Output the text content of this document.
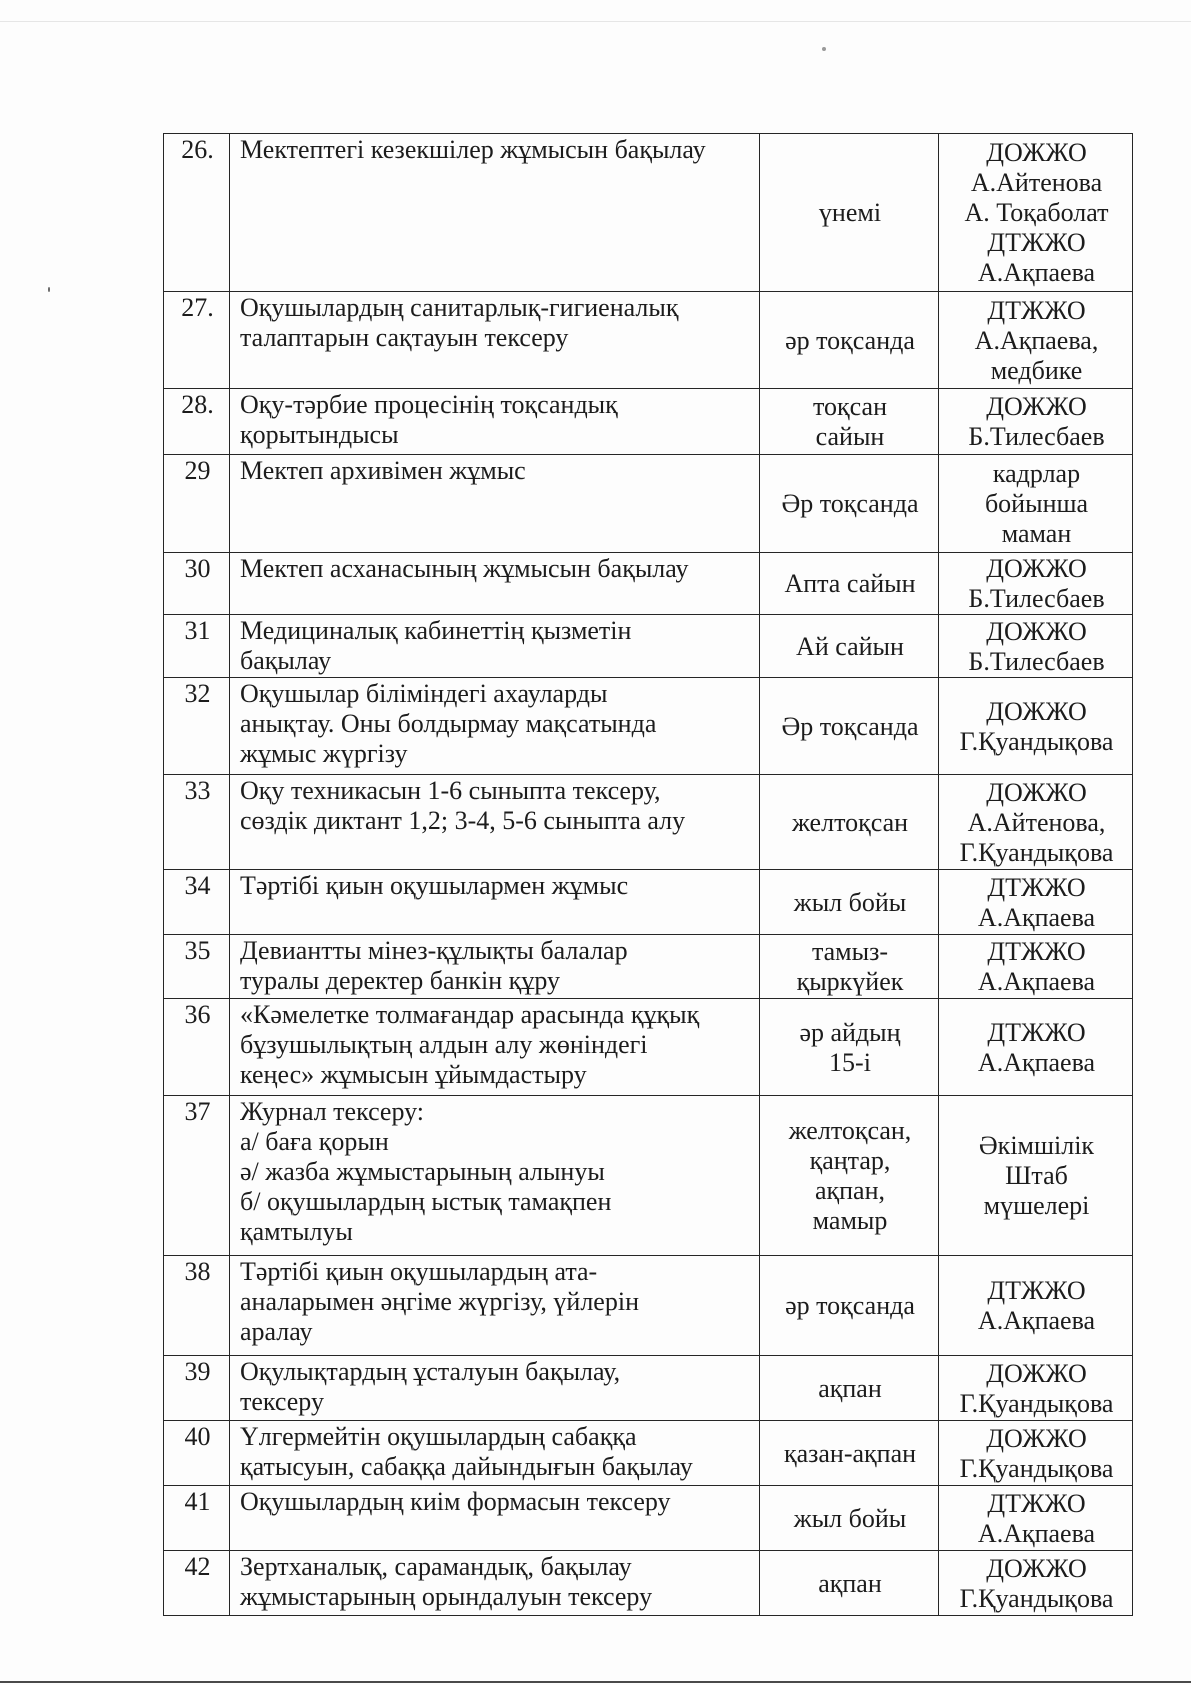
26.	Мектептегі кезекшілер жұмысын бақылау	үнемі	ДОЖЖО
А.Айтенова
А. Тоқаболат
ДТЖЖО
А.Ақпаева

27.	Оқушылардың санитарлық-гигиеналық
талаптарын сақтауын тексеру	әр тоқсанда	ДТЖЖО
А.Ақпаева,
медбике

28.	Оқу-тәрбие процесінің тоқсандық
қорытындысы	тоқсан
сайын	ДОЖЖО
Б.Тилесбаев

29	Мектеп архивімен жұмыс	Әр тоқсанда	кадрлар
бойынша
маман

30	Мектеп асханасының жұмысын бақылау	Апта сайын	ДОЖЖО
Б.Тилесбаев

31	Медициналық кабинеттің қызметін
бақылау	Ай сайын	ДОЖЖО
Б.Тилесбаев

32	Оқушылар біліміндегі ахауларды
анықтау. Оны болдырмау мақсатында
жұмыс жүргізу	Әр тоқсанда	ДОЖЖО
Г.Қуандықова

33	Оқу техникасын 1-6 сыныпта тексеру,
сөздік диктант 1,2; 3-4, 5-6 сыныпта алу	желтоқсан	ДОЖЖО
А.Айтенова,
Г.Қуандықова

34	Тәртібі қиын оқушылармен жұмыс	жыл бойы	ДТЖЖО
А.Ақпаева

35	Девиантты мінез-құлықты балалар
туралы деректер банкін құру	тамыз-
қыркүйек	ДТЖЖО
А.Ақпаева

36	«Кәмелетке толмағандар арасында құқық
бұзушылықтың алдын алу жөніндегі
кеңес» жұмысын ұйымдастыру	әр айдың
15-і	ДТЖЖО
А.Ақпаева

37	Журнал тексеру:
а/ баға қорын
ә/ жазба жұмыстарының алынуы
б/ оқушылардың ыстық тамақпен
қамтылуы	желтоқсан,
қаңтар,
ақпан,
мамыр	Әкімшілік
Штаб
мүшелері

38	Тәртібі қиын оқушылардың ата-
аналарымен әңгіме жүргізу, үйлерін
аралау	әр тоқсанда	ДТЖЖО
А.Ақпаева

39	Оқулықтардың ұсталуын бақылау,
тексеру	ақпан	ДОЖЖО
Г.Қуандықова

40	Үлгермейтін оқушылардың сабаққа
қатысуын, сабаққа дайындығын бақылау	қазан-ақпан	ДОЖЖО
Г.Қуандықова

41	Оқушылардың киім формасын тексеру	жыл бойы	ДТЖЖО
А.Ақпаева

42	Зертханалық, сарамандық, бақылау
жұмыстарының орындалуын тексеру	ақпан	ДОЖЖО
Г.Қуандықова
